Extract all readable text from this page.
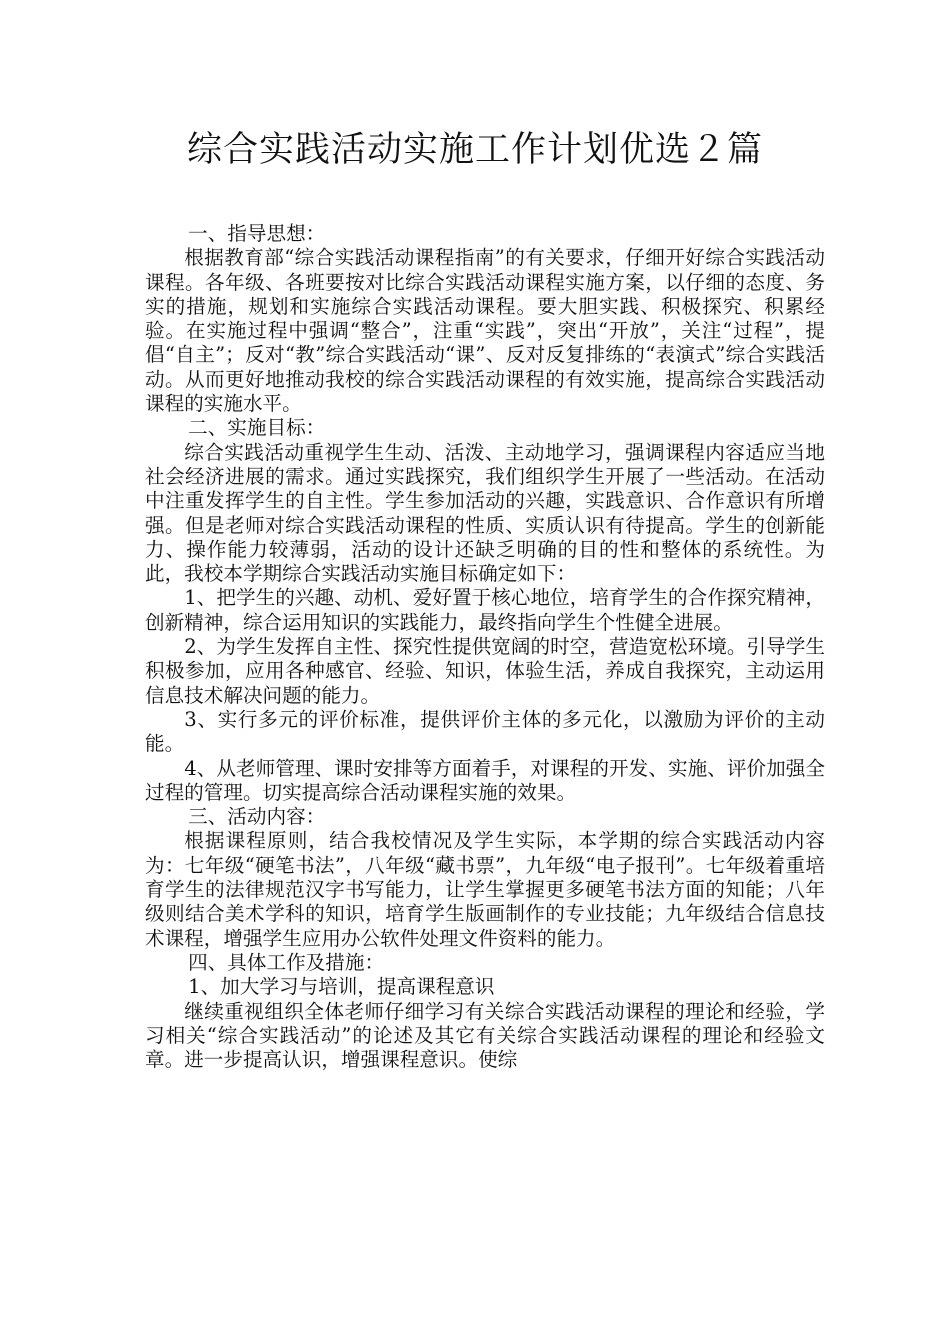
综合实践活动实施工作计划优选２篇

一、指导思想：

根据教育部“综合实践活动课程指南”的有关要求，仔细开好综合实践活动课程。各年级、各班要按对比综合实践活动课程实施方案，以仔细的态度、务实的措施，规划和实施综合实践活动课程。要大胆实践、积极探究、积累经验。在实施过程中强调“整合”，注重“实践”，突出“开放”，关注“过程”，提倡“自主”；反对“教”综合实践活动“课”、反对反复排练的“表演式”综合实践活动。从而更好地推动我校的综合实践活动课程的有效实施，提高综合实践活动课程的实施水平。

二、实施目标：

综合实践活动重视学生生动、活泼、主动地学习，强调课程内容适应当地社会经济进展的需求。通过实践探究，我们组织学生开展了一些活动。在活动中注重发挥学生的自主性。学生参加活动的兴趣，实践意识、合作意识有所增强。但是老师对综合实践活动课程的性质、实质认识有待提高。学生的创新能力、操作能力较薄弱，活动的设计还缺乏明确的目的性和整体的系统性。为此，我校本学期综合实践活动实施目标确定如下：

1、把学生的兴趣、动机、爱好置于核心地位，培育学生的合作探究精神，创新精神，综合运用知识的实践能力，最终指向学生个性健全进展。

2、为学生发挥自主性、探究性提供宽阔的时空，营造宽松环境。引导学生积极参加，应用各种感官、经验、知识，体验生活，养成自我探究，主动运用信息技术解决问题的能力。

3、实行多元的评价标准，提供评价主体的多元化，以激励为评价的主动能。

4、从老师管理、课时安排等方面着手，对课程的开发、实施、评价加强全过程的管理。切实提高综合活动课程实施的效果。

三、活动内容：

根据课程原则，结合我校情况及学生实际，本学期的综合实践活动内容为：七年级“硬笔书法”，八年级“藏书票”，九年级“电子报刊”。七年级着重培育学生的法律规范汉字书写能力，让学生掌握更多硬笔书法方面的知能；八年级则结合美术学科的知识，培育学生版画制作的专业技能；九年级结合信息技术课程，增强学生应用办公软件处理文件资料的能力。

四、具体工作及措施：

1、加大学习与培训，提高课程意识

继续重视组织全体老师仔细学习有关综合实践活动课程的理论和经验，学习相关“综合实践活动”的论述及其它有关综合实践活动课程的理论和经验文章。进一步提高认识，增强课程意识。使综
